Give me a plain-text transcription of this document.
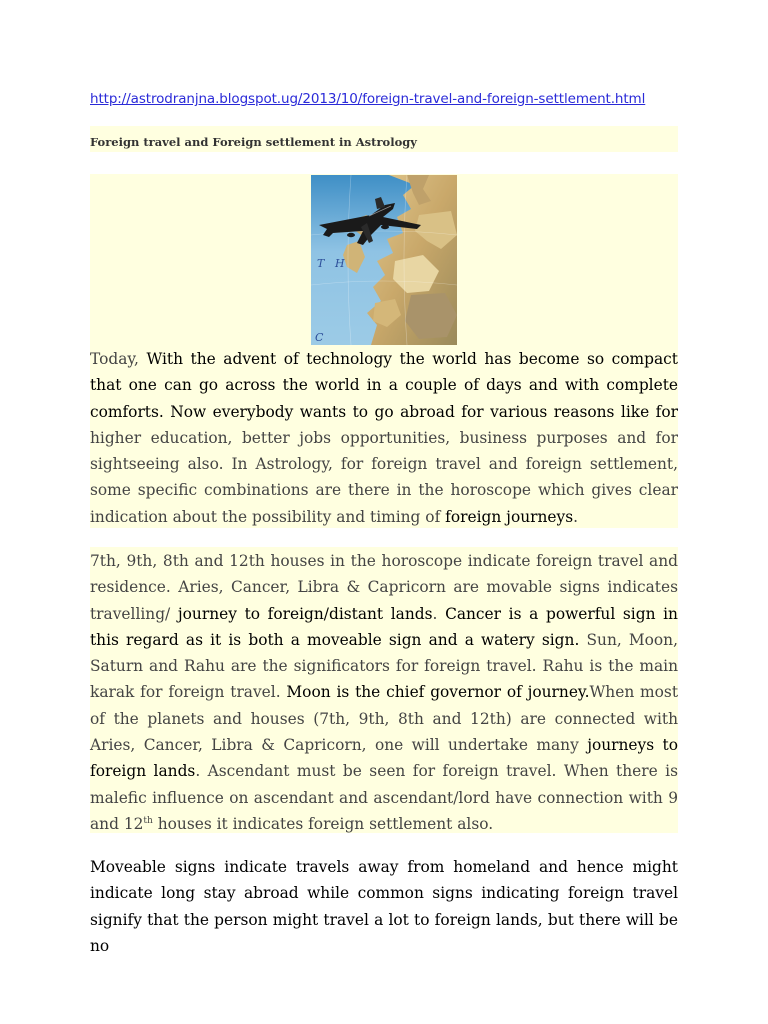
http://astrodranjna.blogspot.ug/2013/10/foreign-travel-and-foreign-settlement.html
Foreign travel and Foreign settlement in Astrology
T H
C

Today, With the advent of technology the world has become so compact that one can go across the world in a couple of days and with complete comforts. Now everybody wants to go abroad for various reasons like for higher education, better jobs opportunities, business purposes and for sightseeing also. In Astrology, for foreign travel and foreign settlement, some specific combinations are there in the horoscope which gives clear indication about the possibility and timing of foreign journeys.

7th, 9th, 8th and 12th houses in the horoscope indicate foreign travel and residence. Aries, Cancer, Libra & Capricorn are movable signs indicates travelling/ journey to foreign/distant lands. Cancer is a powerful sign in this regard as it is both a moveable sign and a watery sign. Sun, Moon, Saturn and Rahu are the significators for foreign travel. Rahu is the main karak for foreign travel. Moon is the chief governor of journey.When most of the planets and houses (7th, 9th, 8th and 12th) are connected with Aries, Cancer, Libra & Capricorn, one will undertake many journeys to foreign lands. Ascendant must be seen for foreign travel. When there is malefic influence on ascendant and ascendant/lord have connection with 9 and 12th houses it indicates foreign settlement also.

Moveable signs indicate travels away from homeland and hence might indicate long stay abroad while common signs indicating foreign travel signify that the person might travel a lot to foreign lands, but there will be no
